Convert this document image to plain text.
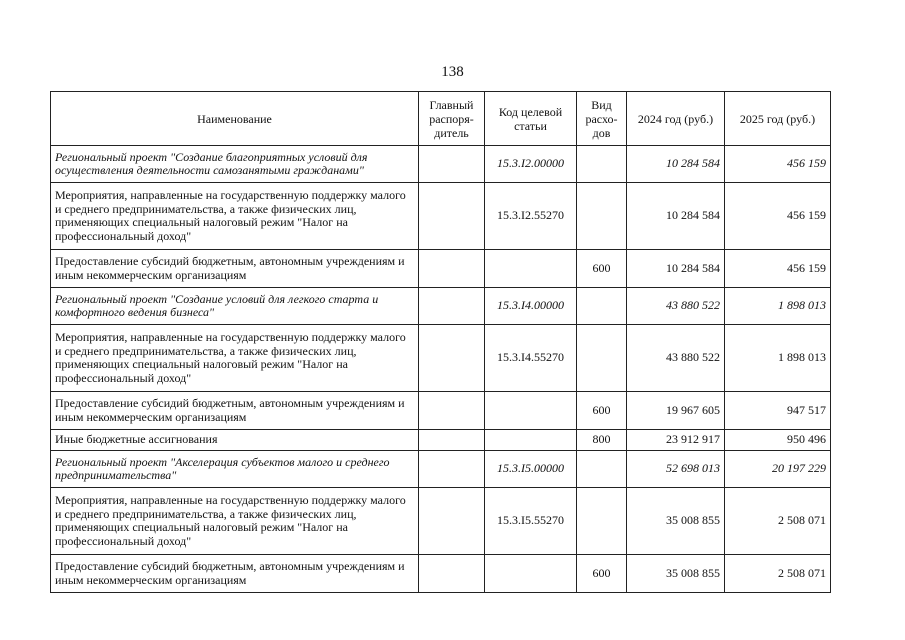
138
Наименование	Главный распоря-дитель	Код целевой статьи	Вид расхо-дов	2024 год (руб.)	2025 год (руб.)
Региональный проект "Создание благоприятных условий для осуществления деятельности самозанятыми гражданами"		15.3.I2.00000		10 284 584	456 159
Мероприятия, направленные на государственную поддержку малого и среднего предпринимательства, а также физических лиц, применяющих специальный налоговый режим "Налог на профессиональный доход"		15.3.I2.55270		10 284 584	456 159
Предоставление субсидий бюджетным, автономным учреждениям и иным некоммерческим организациям			600	10 284 584	456 159
Региональный проект "Создание условий для легкого старта и комфортного ведения бизнеса"		15.3.I4.00000		43 880 522	1 898 013
Мероприятия, направленные на государственную поддержку малого и среднего предпринимательства, а также физических лиц, применяющих специальный налоговый режим "Налог на профессиональный доход"		15.3.I4.55270		43 880 522	1 898 013
Предоставление субсидий бюджетным, автономным учреждениям и иным некоммерческим организациям			600	19 967 605	947 517
Иные бюджетные ассигнования			800	23 912 917	950 496
Региональный проект "Акселерация субъектов малого и среднего предпринимательства"		15.3.I5.00000		52 698 013	20 197 229
Мероприятия, направленные на государственную поддержку малого и среднего предпринимательства, а также физических лиц, применяющих специальный налоговый режим "Налог на профессиональный доход"		15.3.I5.55270		35 008 855	2 508 071
Предоставление субсидий бюджетным, автономным учреждениям и иным некоммерческим организациям			600	35 008 855	2 508 071
